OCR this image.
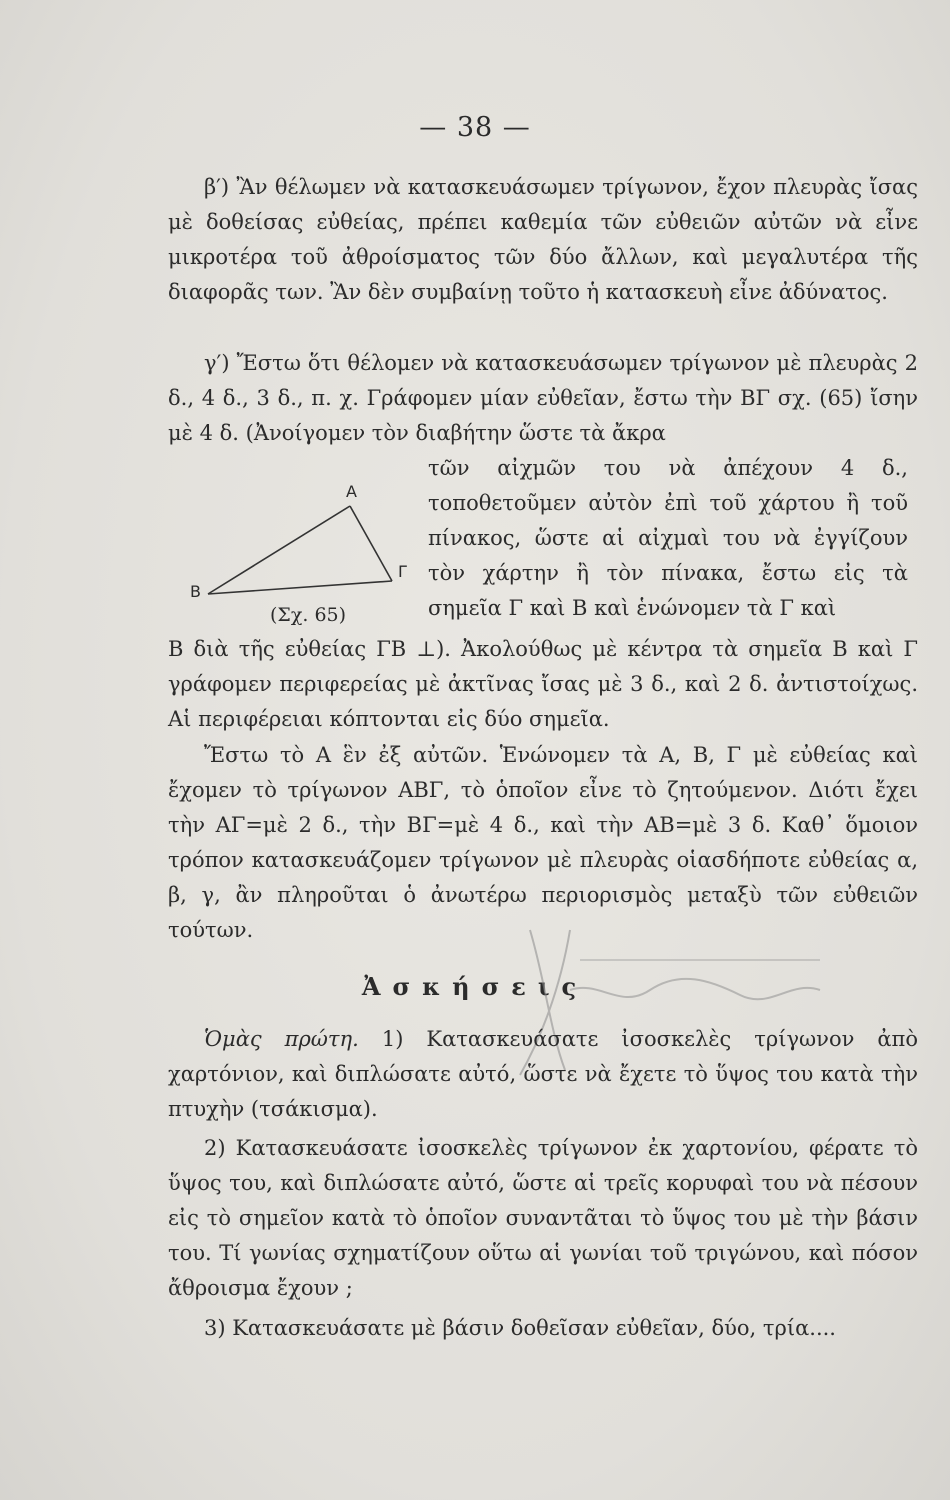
— 38 —
β′) Ἂν θέλωμεν νὰ κατασκευάσωμεν τρίγωνον, ἔχον πλευρὰς ἴσας μὲ δοθείσας εὐθείας, πρέπει καθεμία τῶν εὐθειῶν αὐτῶν νὰ εἶνε μικροτέρα τοῦ ἀθροίσματος τῶν δύο ἄλλων, καὶ μεγαλυτέρα τῆς διαφορᾶς των. Ἂν δὲν συμβαίνῃ τοῦτο ἡ κατασκευὴ εἶνε ἀδύνατος.
γ′) Ἔστω ὅτι θέλομεν νὰ κατασκευάσωμεν τρίγωνον μὲ πλευρὰς 2 δ., 4 δ., 3 δ., π. χ. Γράφομεν μίαν εὐθεῖαν, ἔστω τὴν ΒΓ σχ. (65) ἴσην μὲ 4 δ. (Ἀνοίγομεν τὸν διαβήτην ὥστε τὰ ἄκρα
A
B
Γ
(Σχ. 65)
τῶν αἰχμῶν του νὰ ἀπέχουν 4 δ., τοποθετοῦμεν αὐτὸν ἐπὶ τοῦ χάρτου ἢ τοῦ πίνακος, ὥστε αἱ αἰχμαὶ του νὰ ἐγγίζουν τὸν χάρτην ἢ τὸν πίνακα, ἔστω εἰς τὰ σημεῖα Γ καὶ Β καὶ ἑνώνομεν τὰ Γ καὶ
Β διὰ τῆς εὐθείας ΓΒ ⊥). Ἀκολούθως μὲ κέντρα τὰ σημεῖα Β καὶ Γ γράφομεν περιφερείας μὲ ἀκτῖνας ἴσας μὲ 3 δ., καὶ 2 δ. ἀντιστοίχως. Αἱ περιφέρειαι κόπτονται εἰς δύο σημεῖα.
Ἔστω τὸ Α ἓν ἐξ αὐτῶν. Ἑνώνομεν τὰ Α, Β, Γ μὲ εὐθείας καὶ ἔχομεν τὸ τρίγωνον ΑΒΓ, τὸ ὁποῖον εἶνε τὸ ζητούμενον. Διότι ἔχει τὴν ΑΓ=μὲ 2 δ., τὴν ΒΓ=μὲ 4 δ., καὶ τὴν ΑΒ=μὲ 3 δ. Καθ᾽ ὅμοιον τρόπον κατασκευάζομεν τρίγωνον μὲ πλευρὰς οἱασδήποτε εὐθείας α, β, γ, ἂν πληροῦται ὁ ἀνωτέρω περιορισμὸς μεταξὺ τῶν εὐθειῶν τούτων.
Ἀσκήσεις
Ὁμὰς πρώτη. 1) Κατασκευάσατε ἰσοσκελὲς τρίγωνον ἀπὸ χαρτόνιον, καὶ διπλώσατε αὐτό, ὥστε νὰ ἔχετε τὸ ὕψος του κατὰ τὴν πτυχὴν (τσάκισμα).
2) Κατασκευάσατε ἰσοσκελὲς τρίγωνον ἐκ χαρτονίου, φέρατε τὸ ὕψος του, καὶ διπλώσατε αὐτό, ὥστε αἱ τρεῖς κορυφαὶ του νὰ πέσουν εἰς τὸ σημεῖον κατὰ τὸ ὁποῖον συναντᾶται τὸ ὕψος του μὲ τὴν βάσιν του. Τί γωνίας σχηματίζουν οὕτω αἱ γωνίαι τοῦ τριγώνου, καὶ πόσον ἄθροισμα ἔχουν ;
3) Κατασκευάσατε μὲ βάσιν δοθεῖσαν εὐθεῖαν, δύο, τρία....
